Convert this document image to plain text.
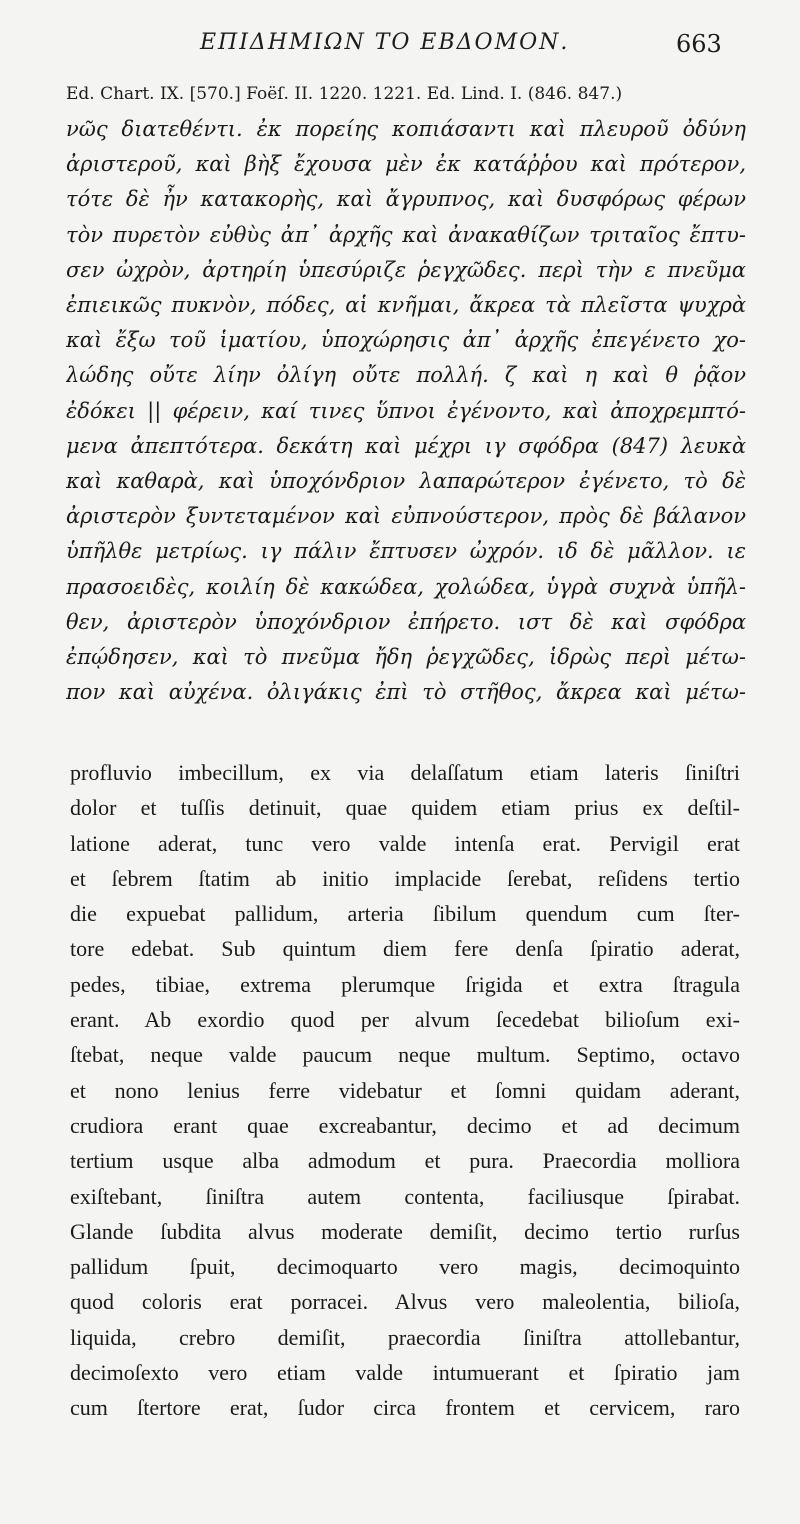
ΕΠΙΔΗΜΙΩΝ ΤΟ ΕΒΔΟΜΟΝ.	663
Ed. Chart. IX. [570.] Foëſ. II. 1220. 1221. Ed. Lind. I. (846. 847.)
νῶς διατεθέντι. ἐκ πορείης κοπιάσαντι καὶ πλευροῦ ὀδύνη
ἀριστεροῦ, καὶ βὴξ ἔχουσα μὲν ἐκ κατάῤῥου καὶ πρότερον,
τότε δὲ ἦν κατακορὴς, καὶ ἄγρυπνος, καὶ δυσφόρως φέρων
τὸν πυρετὸν εὐθὺς ἀπ᾽ ἀρχῆς καὶ ἀνακαθίζων τριταῖος ἔπτυ-
σεν ὠχρὸν, ἀρτηρίη ὑπεσύριζε ῥεγχῶδες. περὶ τὴν ε πνεῦμα
ἐπιεικῶς πυκνὸν, πόδες, αἱ κνῆμαι, ἄκρεα τὰ πλεῖστα ψυχρὰ
καὶ ἔξω τοῦ ἱματίου, ὑποχώρησις ἀπ᾽ ἀρχῆς ἐπεγένετο χο-
λώδης οὔτε λίην ὀλίγη οὔτε πολλή. ζ καὶ η καὶ θ ῥᾷον
ἐδόκει || φέρειν, καί τινες ὕπνοι ἐγένοντο, καὶ ἀποχρεμπτό-
μενα ἀπεπτότερα. δεκάτη καὶ μέχρι ιγ σφόδρα (847) λευκὰ
καὶ καθαρὰ, καὶ ὑποχόνδριον λαπαρώτερον ἐγένετο, τὸ δὲ
ἀριστερὸν ξυντεταμένον καὶ εὐπνούστερον, πρὸς δὲ βάλανον
ὑπῆλθε μετρίως. ιγ πάλιν ἔπτυσεν ὠχρόν. ιδ δὲ μᾶλλον. ιε
πρασοειδὲς, κοιλίη δὲ κακώδεα, χολώδεα, ὑγρὰ συχνὰ ὑπῆλ-
θεν, ἀριστερὸν ὑποχόνδριον ἐπήρετο. ιστ δὲ καὶ σφόδρα
ἐπῴδησεν, καὶ τὸ πνεῦμα ἤδη ῥεγχῶδες, ἱδρὼς περὶ μέτω-
πον καὶ αὐχένα. ὀλιγάκις ἐπὶ τὸ στῆθος, ἄκρεα καὶ μέτω-
profluvio imbecillum, ex via delaſſatum etiam lateris ſiniſtri
dolor et tuſſis detinuit, quae quidem etiam prius ex deſtil-
latione aderat, tunc vero valde intenſa erat. Pervigil erat
et ſebrem ſtatim ab initio implacide ſerebat, reſidens tertio
die expuebat pallidum, arteria ſibilum quendum cum ſter-
tore edebat. Sub quintum diem fere denſa ſpiratio aderat,
pedes, tibiae, extrema plerumque ſrigida et extra ſtragula
erant. Ab exordio quod per alvum ſecedebat bilioſum exi-
ſtebat, neque valde paucum neque multum. Septimo, octavo
et nono lenius ferre videbatur et ſomni quidam aderant,
crudiora erant quae excreabantur, decimo et ad decimum
tertium usque alba admodum et pura. Praecordia molliora
exiſtebant, ſiniſtra autem contenta, faciliusque ſpirabat.
Glande ſubdita alvus moderate demiſit, decimo tertio rurſus
pallidum ſpuit, decimoquarto vero magis, decimoquinto
quod coloris erat porracei. Alvus vero maleolentia, bilioſa,
liquida, crebro demiſit, praecordia ſiniſtra attollebantur,
decimoſexto vero etiam valde intumuerant et ſpiratio jam
cum ſtertore erat, ſudor circa frontem et cervicem, raro
